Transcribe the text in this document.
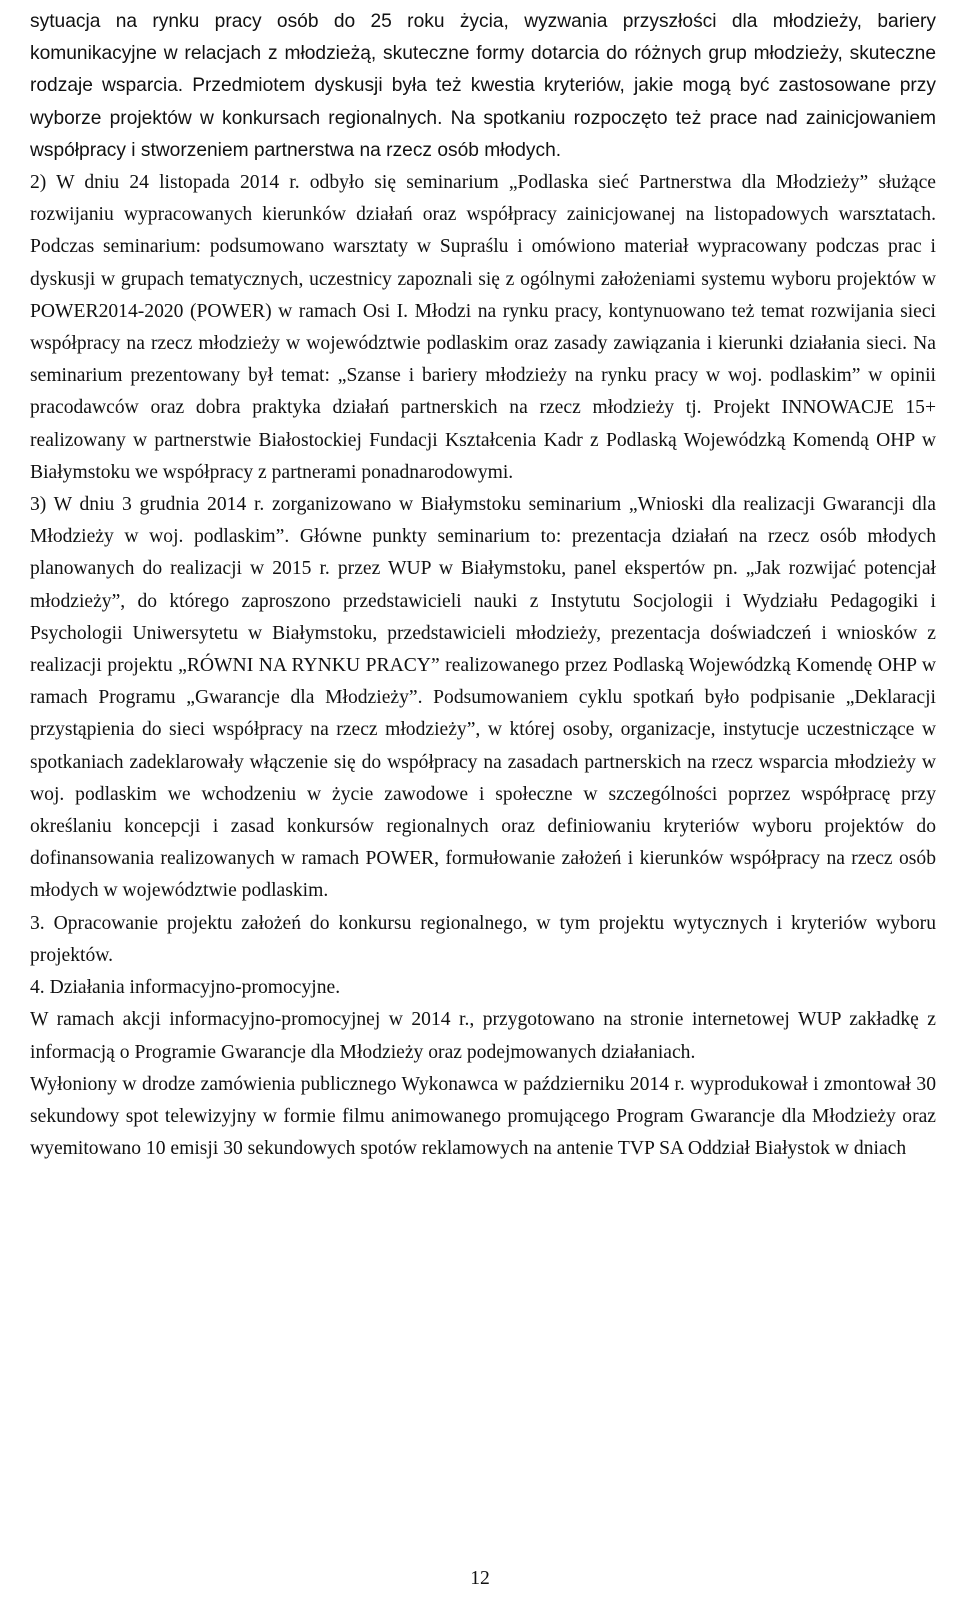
sytuacja na rynku pracy osób do 25 roku życia, wyzwania przyszłości dla młodzieży, bariery komunikacyjne w relacjach z młodzieżą, skuteczne formy dotarcia do różnych grup młodzieży, skuteczne rodzaje wsparcia. Przedmiotem dyskusji była też kwestia kryteriów, jakie mogą być zastosowane przy wyborze projektów w konkursach regionalnych. Na spotkaniu rozpoczęto też prace nad zainicjowaniem współpracy i stworzeniem partnerstwa na rzecz osób młodych.

2) W dniu 24 listopada 2014 r. odbyło się seminarium „Podlaska sieć Partnerstwa dla Młodzieży” służące rozwijaniu wypracowanych kierunków działań oraz współpracy zainicjowanej na listopadowych warsztatach. Podczas seminarium: podsumowano warsztaty w Supraślu i omówiono materiał wypracowany podczas prac i dyskusji w grupach tematycznych, uczestnicy zapoznali się z ogólnymi założeniami systemu wyboru projektów w POWER2014-2020 (POWER) w ramach Osi I. Młodzi na rynku pracy, kontynuowano też temat rozwijania sieci współpracy na rzecz młodzieży w województwie podlaskim oraz zasady zawiązania i kierunki działania sieci. Na seminarium prezentowany był temat: „Szanse i bariery młodzieży na rynku pracy w woj. podlaskim” w opinii pracodawców oraz dobra praktyka działań partnerskich na rzecz młodzieży tj. Projekt INNOWACJE 15+ realizowany w partnerstwie Białostockiej Fundacji Kształcenia Kadr z Podlaską Wojewódzką Komendą OHP w Białymstoku we współpracy z partnerami ponadnarodowymi.

3) W dniu 3 grudnia 2014 r. zorganizowano w Białymstoku seminarium „Wnioski dla realizacji Gwarancji dla Młodzieży w woj. podlaskim”. Główne punkty seminarium to: prezentacja działań na rzecz osób młodych planowanych do realizacji w 2015 r. przez WUP w Białymstoku, panel ekspertów pn. „Jak rozwijać potencjał młodzieży”, do którego zaproszono przedstawicieli nauki z Instytutu Socjologii i Wydziału Pedagogiki i Psychologii Uniwersytetu w Białymstoku, przedstawicieli młodzieży, prezentacja doświadczeń i wniosków z realizacji projektu „RÓWNI NA RYNKU PRACY” realizowanego przez Podlaską Wojewódzką Komendę OHP w ramach Programu „Gwarancje dla Młodzieży”. Podsumowaniem cyklu spotkań było podpisanie „Deklaracji przystąpienia do sieci współpracy na rzecz młodzieży”, w której osoby, organizacje, instytucje uczestniczące w spotkaniach zadeklarowały włączenie się do współpracy na zasadach partnerskich na rzecz wsparcia młodzieży w woj. podlaskim we wchodzeniu w życie zawodowe i społeczne w szczególności poprzez współpracę przy określaniu koncepcji i zasad konkursów regionalnych oraz definiowaniu kryteriów wyboru projektów do dofinansowania realizowanych w ramach POWER, formułowanie założeń i kierunków współpracy na rzecz osób młodych w województwie podlaskim.

3. Opracowanie projektu założeń do konkursu regionalnego, w tym projektu wytycznych i kryteriów wyboru projektów.

4. Działania informacyjno-promocyjne.

W ramach akcji informacyjno-promocyjnej w 2014 r., przygotowano na stronie internetowej WUP zakładkę z informacją o Programie Gwarancje dla Młodzieży oraz podejmowanych działaniach.

Wyłoniony w drodze zamówienia publicznego Wykonawca w październiku 2014 r. wyprodukował i zmontował 30 sekundowy spot telewizyjny w formie filmu animowanego promującego Program Gwarancje dla Młodzieży oraz wyemitowano 10 emisji 30 sekundowych spotów reklamowych na antenie TVP SA Oddział Białystok w dniach

12
